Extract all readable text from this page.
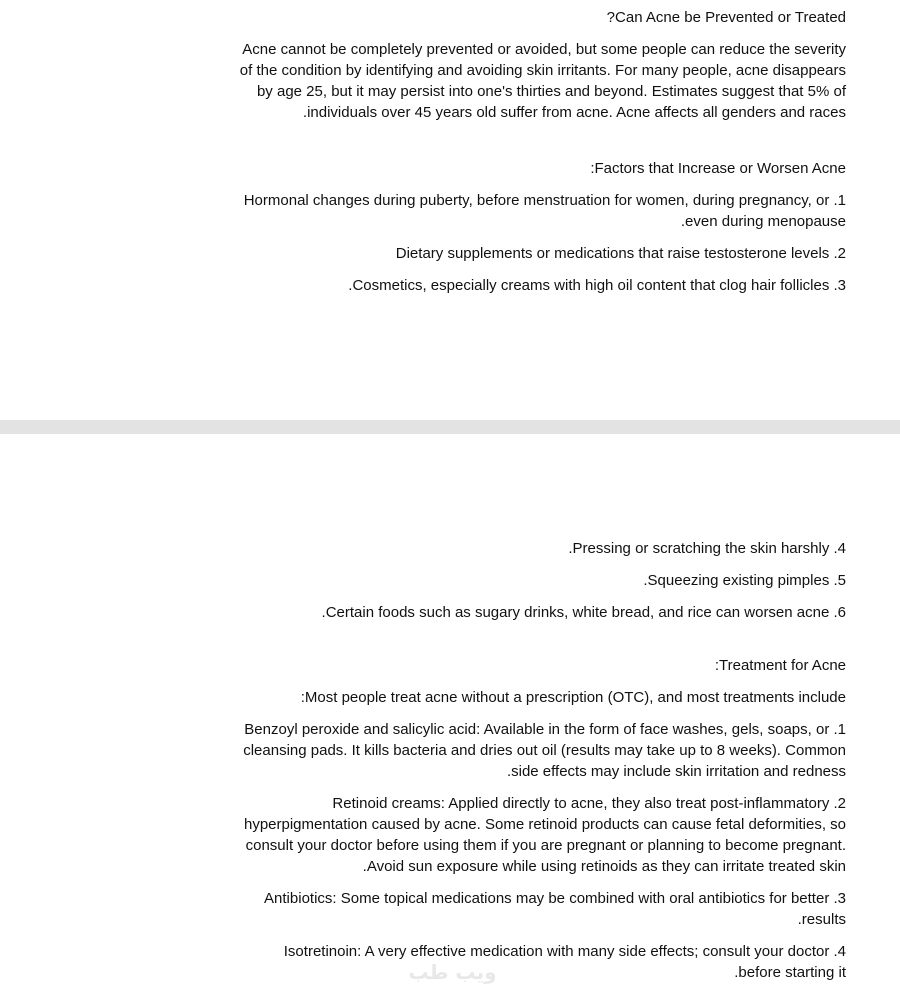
?Can Acne be Prevented or Treated
Acne cannot be completely prevented or avoided, but some people can reduce the severity
of the condition by identifying and avoiding skin irritants. For many people, acne disappears
by age 25, but it may persist into one's thirties and beyond. Estimates suggest that 5% of
.individuals over 45 years old suffer from acne. Acne affects all genders and races
:Factors that Increase or Worsen Acne
Hormonal changes during puberty, before menstruation for women, during pregnancy, or .1
.even during menopause
Dietary supplements or medications that raise testosterone levels .2
.Cosmetics, especially creams with high oil content that clog hair follicles .3
.Pressing or scratching the skin harshly .4
.Squeezing existing pimples .5
.Certain foods such as sugary drinks, white bread, and rice can worsen acne .6
:Treatment for Acne
:Most people treat acne without a prescription (OTC), and most treatments include
Benzoyl peroxide and salicylic acid: Available in the form of face washes, gels, soaps, or .1
cleansing pads. It kills bacteria and dries out oil (results may take up to 8 weeks). Common
.side effects may include skin irritation and redness
Retinoid creams: Applied directly to acne, they also treat post-inflammatory .2
hyperpigmentation caused by acne. Some retinoid products can cause fetal deformities, so
consult your doctor before using them if you are pregnant or planning to become pregnant.
.Avoid sun exposure while using retinoids as they can irritate treated skin
Antibiotics: Some topical medications may be combined with oral antibiotics for better .3
.results
Isotretinoin: A very effective medication with many side effects; consult your doctor .4
.before starting it
ويب طب
